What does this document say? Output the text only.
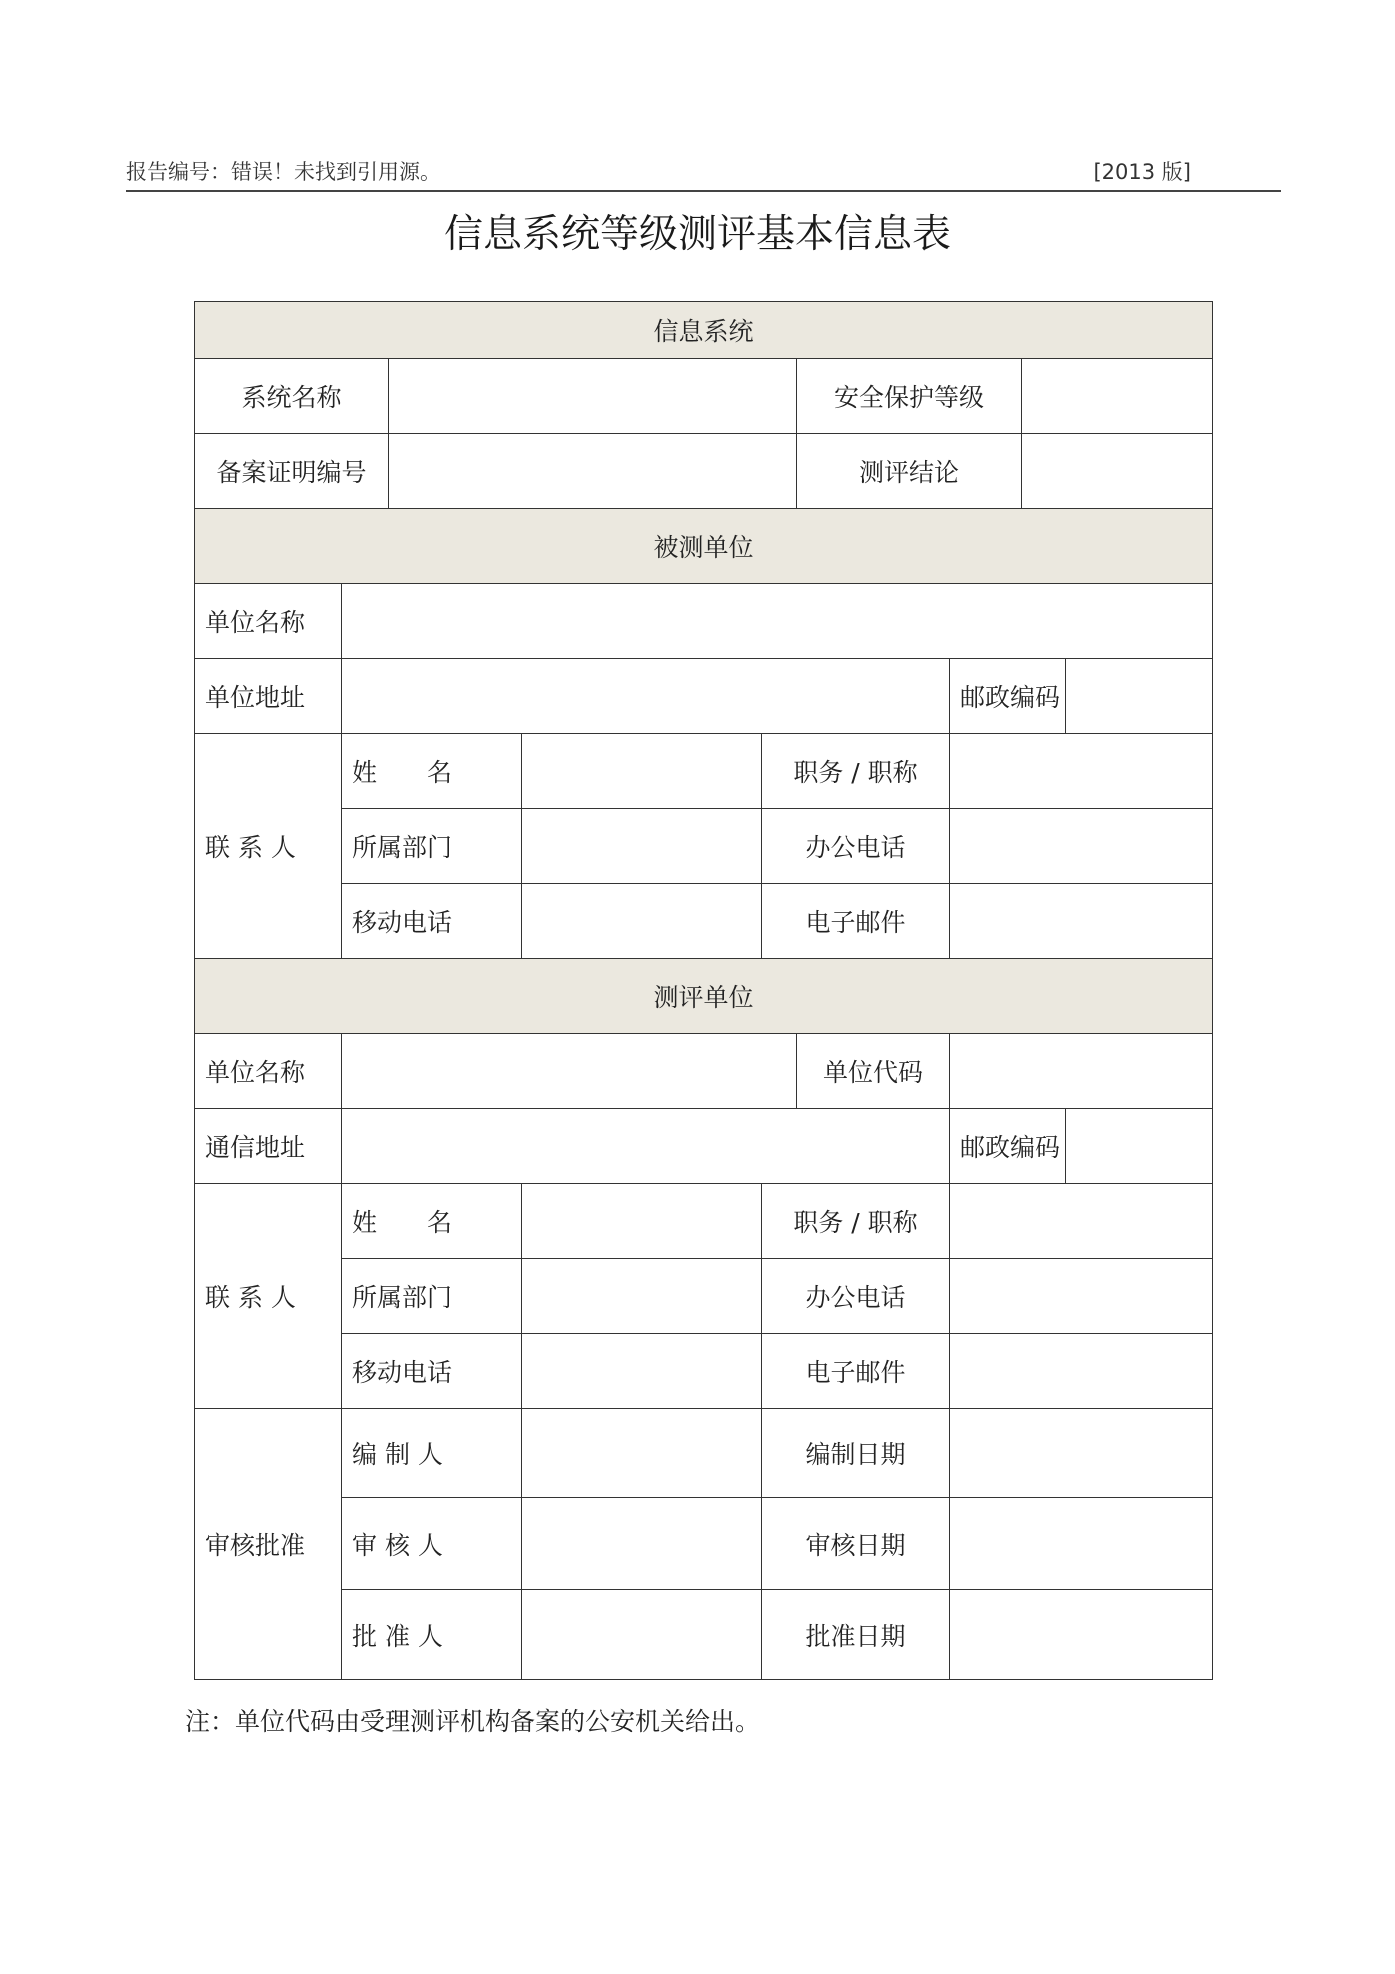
报告编号：错误！未找到引用源。	[2013 版]
信息系统等级测评基本信息表
信息系统								
系统名称					安全保护等级			
备案证明编号					测评结论			
被测单位								
单位名称								
单位地址						邮政编码		
联 系 人	姓　　名			职务 / 职称				
	所属部门			办公电话				
	移动电话			电子邮件				
测评单位								
单位名称					单位代码			
通信地址						邮政编码		
联 系 人	姓　　名			职务 / 职称				
	所属部门			办公电话				
	移动电话			电子邮件				
审核批准	编 制 人			编制日期				
	审 核 人			审核日期				
	批 准 人			批准日期				
注：单位代码由受理测评机构备案的公安机关给出。
